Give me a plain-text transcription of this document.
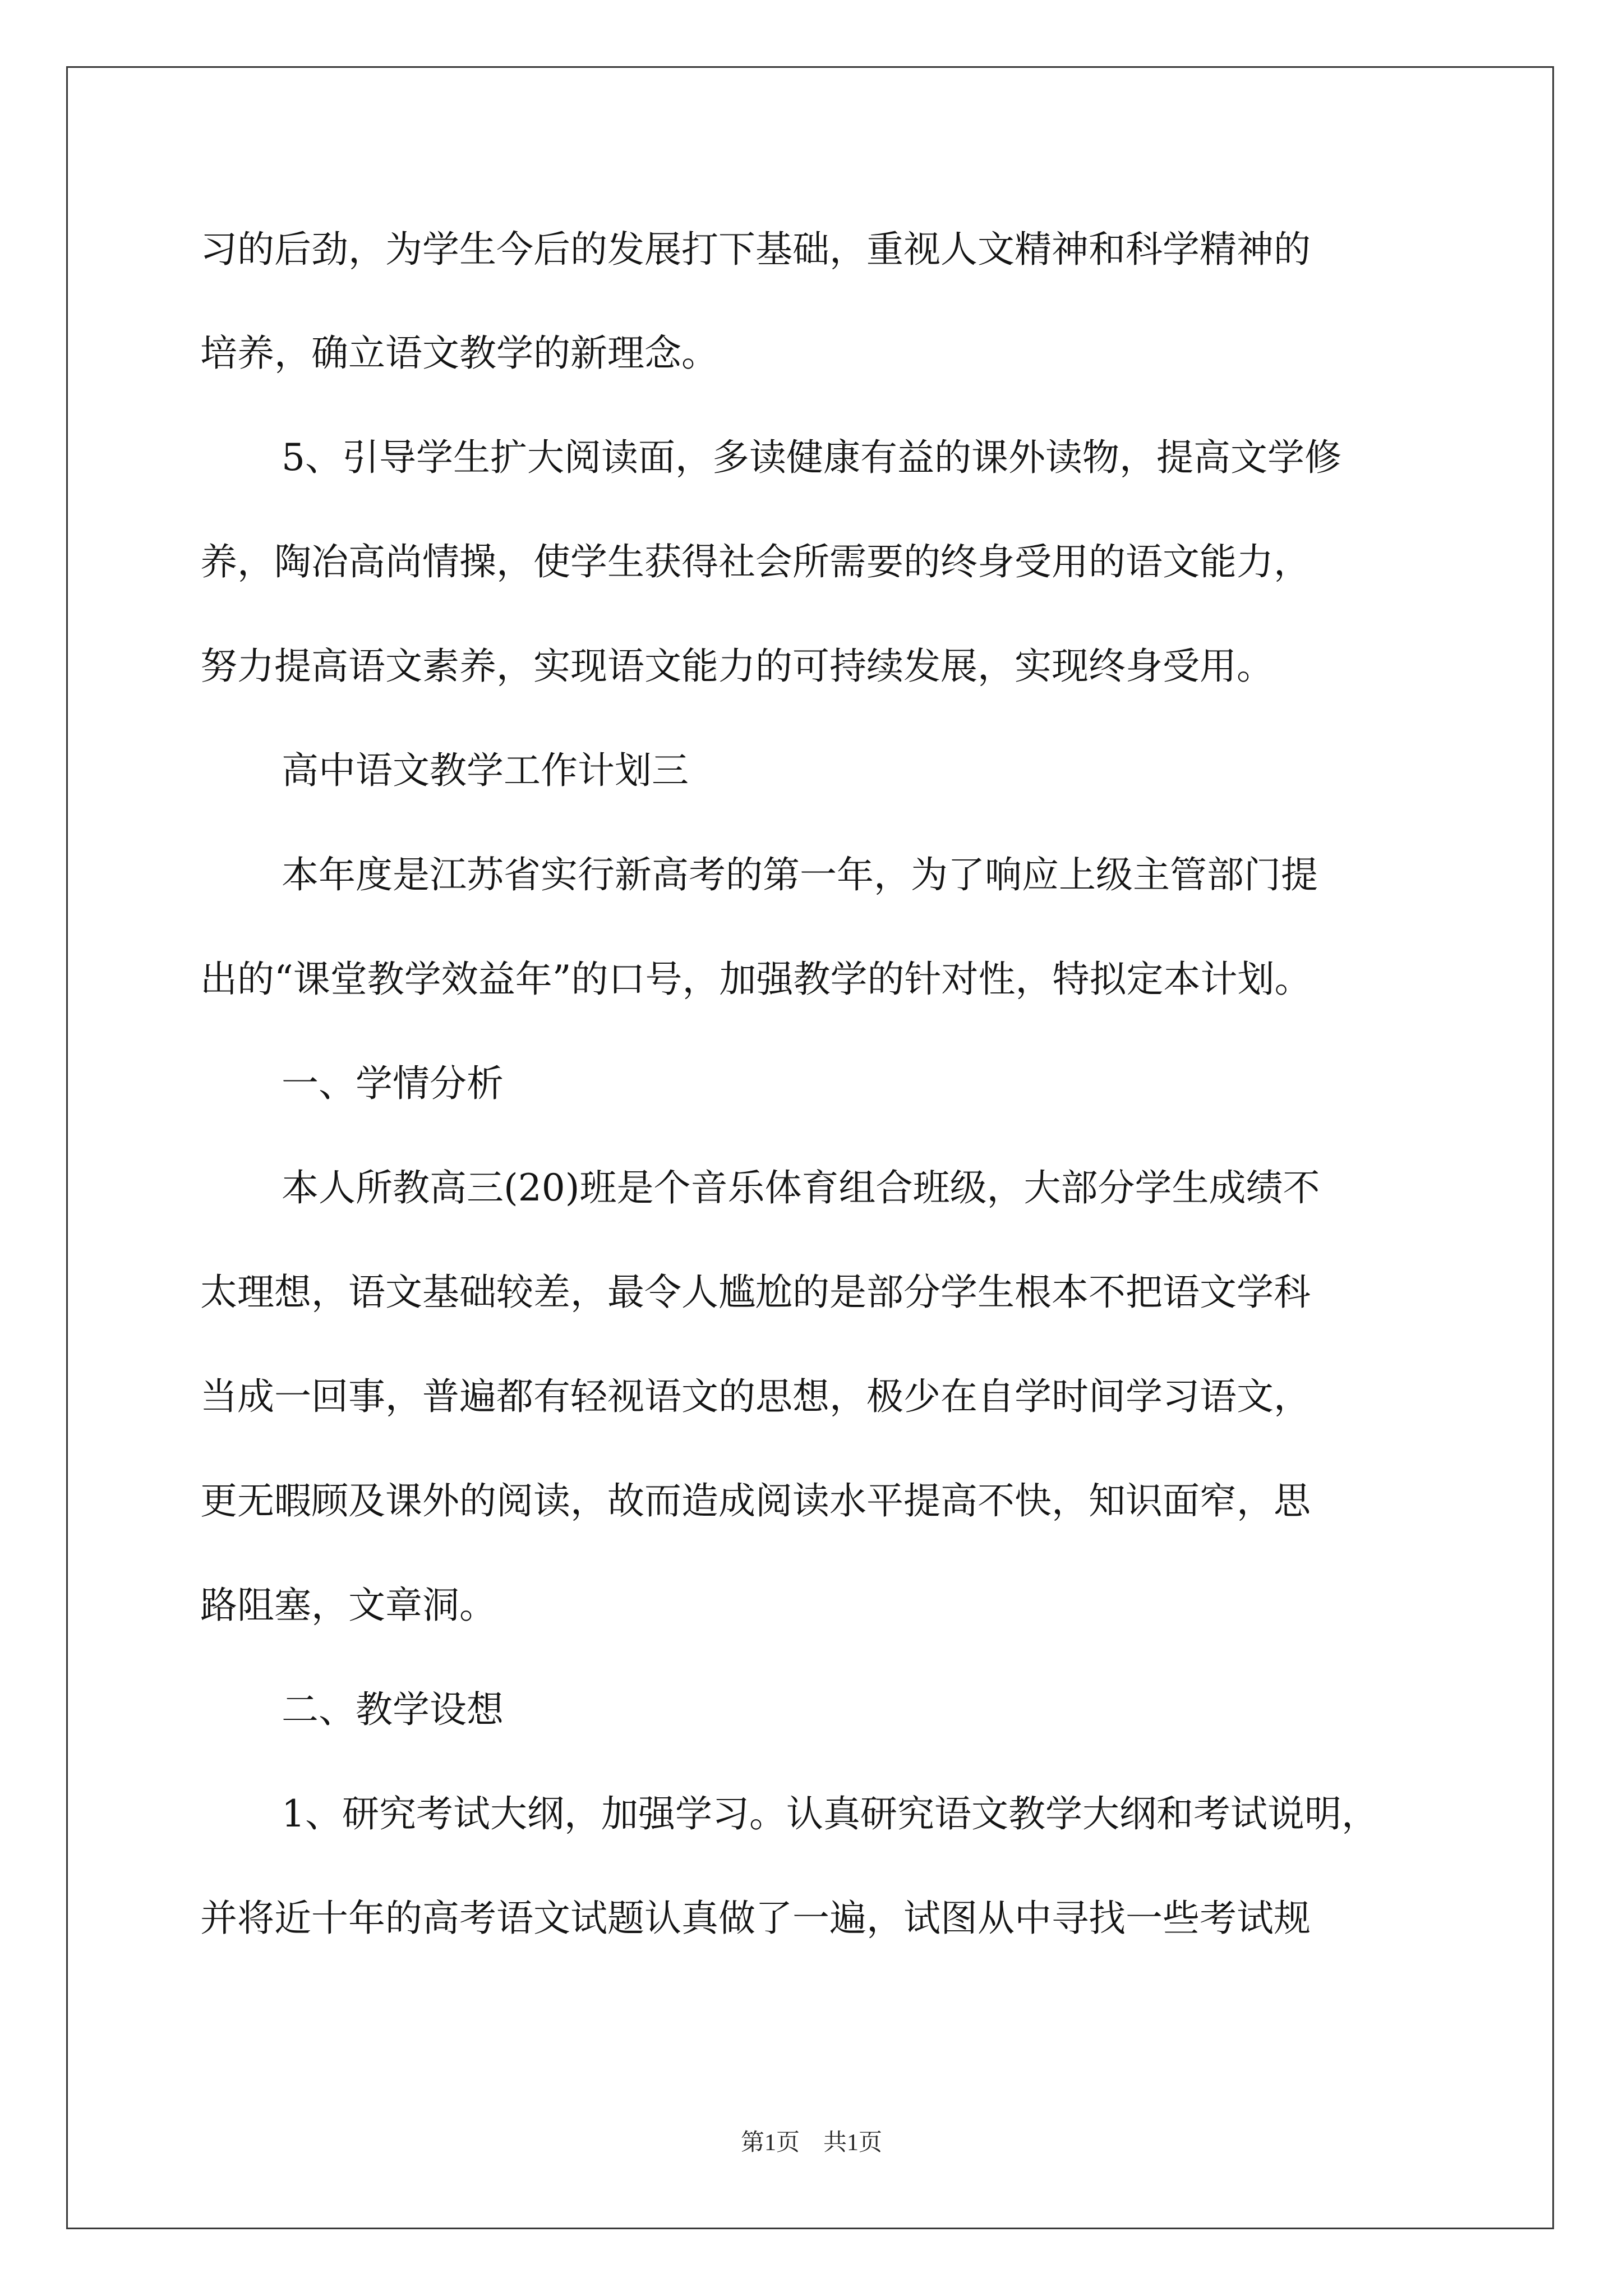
习的后劲，为学生今后的发展打下基础，重视人文精神和科学精神的
培养，确立语文教学的新理念。
5、引导学生扩大阅读面，多读健康有益的课外读物，提高文学修
养，陶冶高尚情操，使学生获得社会所需要的终身受用的语文能力，
努力提高语文素养，实现语文能力的可持续发展，实现终身受用。
高中语文教学工作计划三
本年度是江苏省实行新高考的第一年，为了响应上级主管部门提
出的“课堂教学效益年”的口号，加强教学的针对性，特拟定本计划。
一、学情分析
本人所教高三(20)班是个音乐体育组合班级，大部分学生成绩不
太理想，语文基础较差，最令人尴尬的是部分学生根本不把语文学科
当成一回事，普遍都有轻视语文的思想，极少在自学时间学习语文，
更无暇顾及课外的阅读，故而造成阅读水平提高不快，知识面窄，思
路阻塞，文章洞。
二、教学设想
1、研究考试大纲，加强学习。认真研究语文教学大纲和考试说明，
并将近十年的高考语文试题认真做了一遍，试图从中寻找一些考试规
第1页　共1页
